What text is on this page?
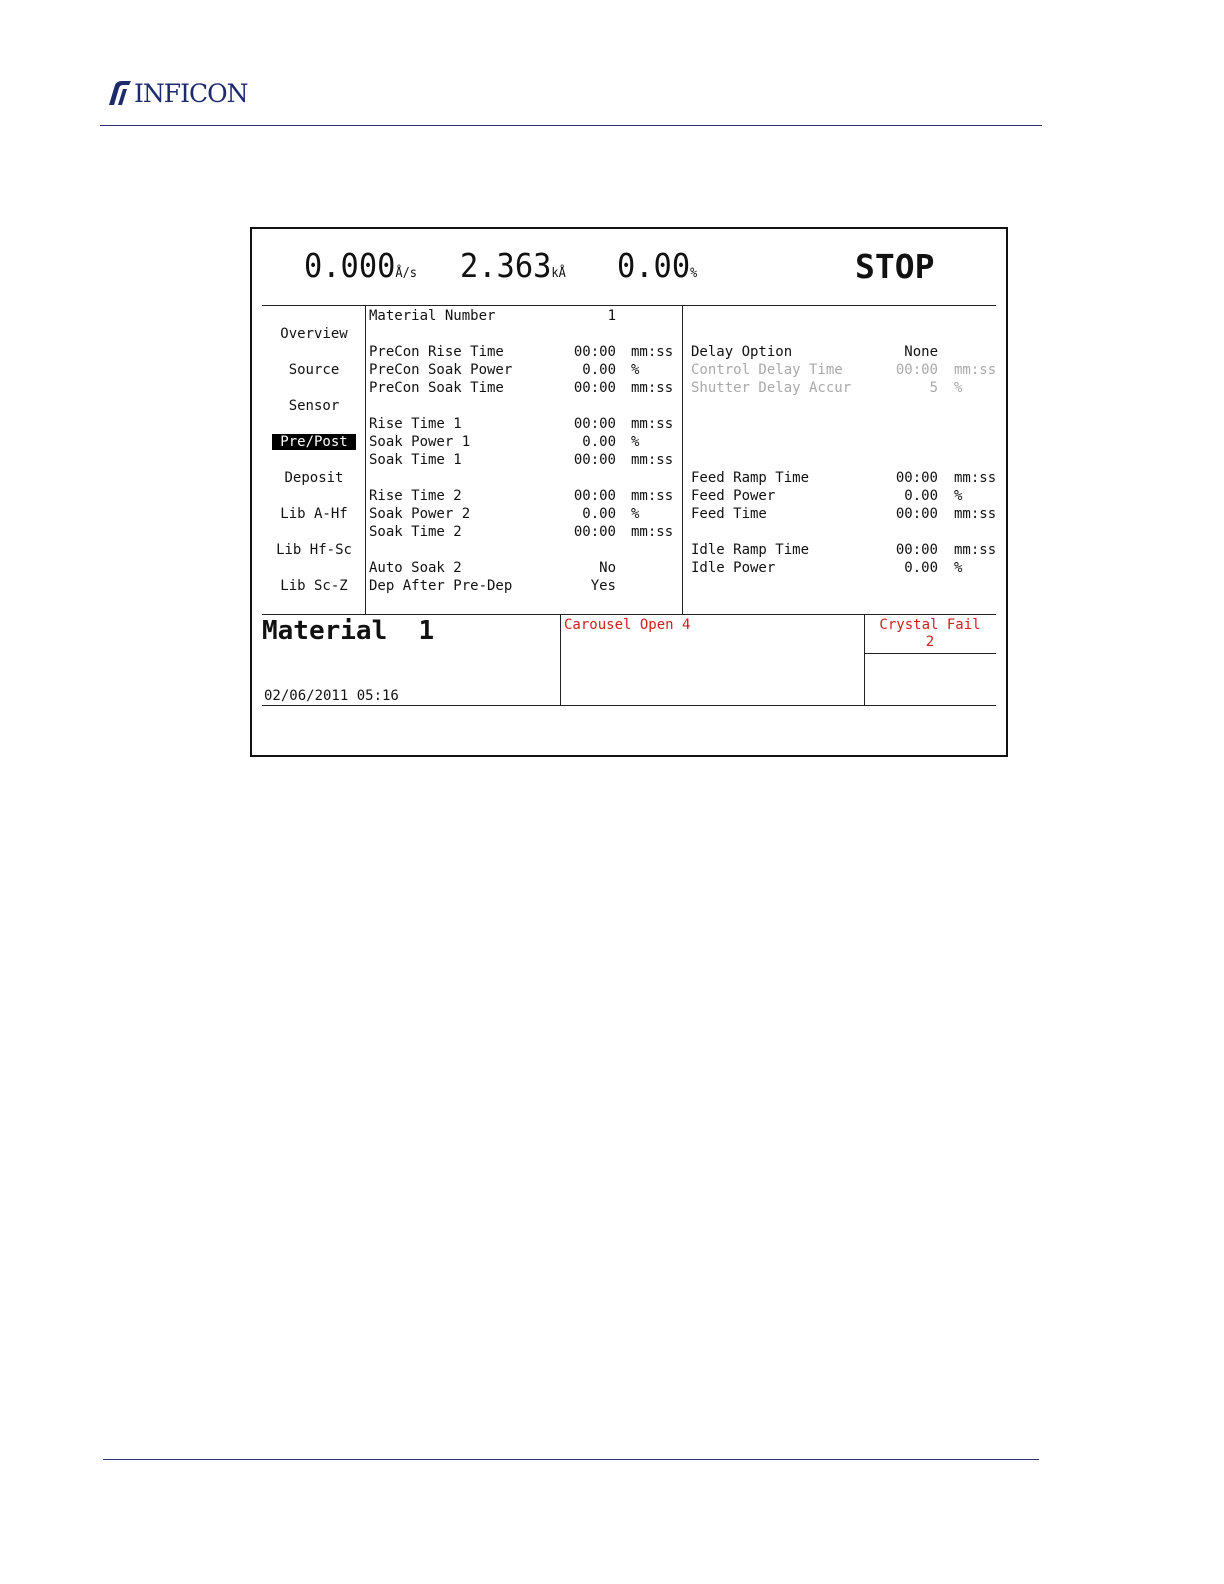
INFICON
0.000Å/s 2.363kÅ 0.00%	STOP
Overview
Source
Sensor
Pre/Post
Deposit
Lib A-Hf
Lib Hf-Sc
Lib Sc-Z
Material Number	1
PreCon Rise Time	00:00 mm:ss
PreCon Soak Power	0.00 %
PreCon Soak Time	00:00 mm:ss
Rise Time 1	00:00 mm:ss
Soak Power 1	0.00 %
Soak Time 1	00:00 mm:ss
Rise Time 2	00:00 mm:ss
Soak Power 2	0.00 %
Soak Time 2	00:00 mm:ss
Auto Soak 2	No
Dep After Pre-Dep	Yes
Delay Option	None
Control Delay Time	00:00 mm:ss
Shutter Delay Accur	5 %
Feed Ramp Time	00:00 mm:ss
Feed Power	0.00 %
Feed Time	00:00 mm:ss
Idle Ramp Time	00:00 mm:ss
Idle Power	0.00 %
Material 1
02/06/2011 05:16
Carousel Open 4	Crystal Fail
2
